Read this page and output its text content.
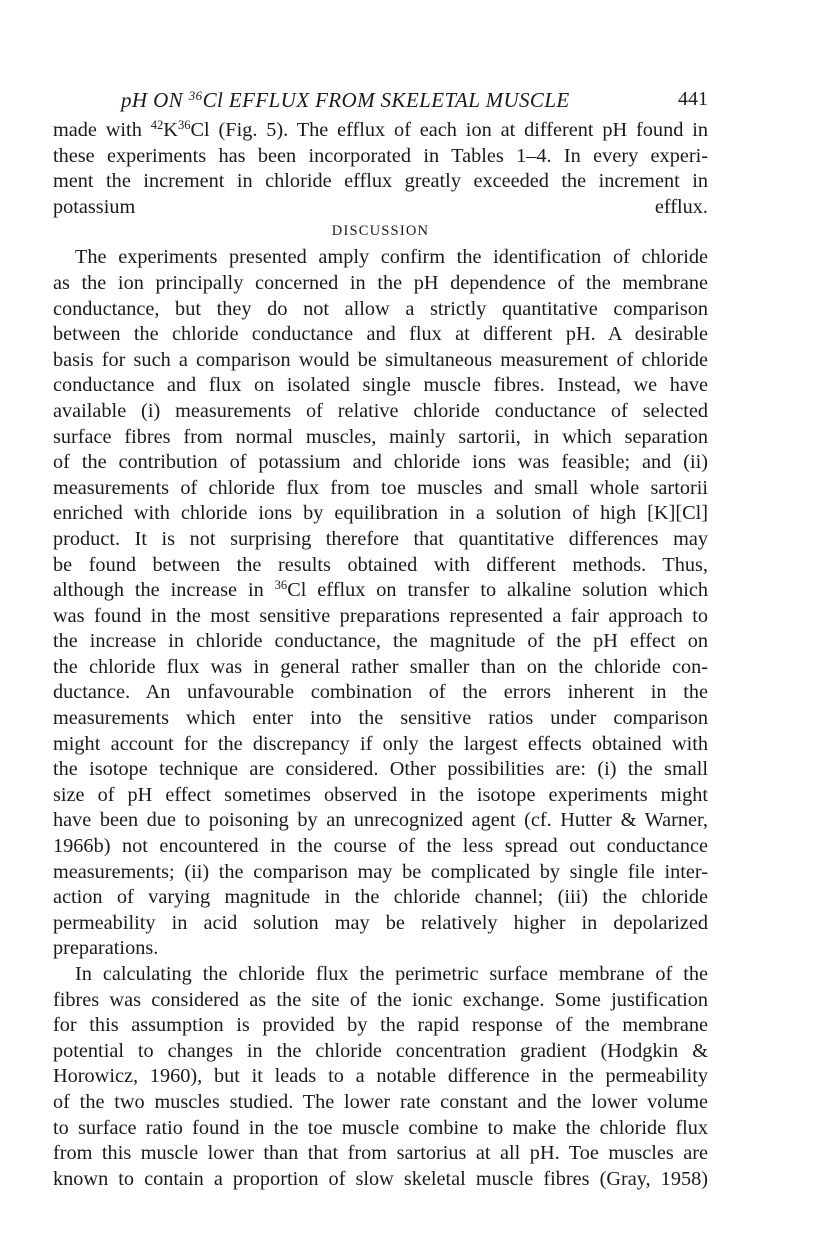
pH ON $^{36}$Cl EFFLUX FROM SKELETAL MUSCLE	441
made with $^{42}K^{36}Cl$ (Fig. 5). The efflux of each ion at different pH found in
these experiments has been incorporated in Tables 1–4. In every experi-
ment the increment in chloride efflux greatly exceeded the increment in
potassium efflux.
DISCUSSION
The experiments presented amply confirm the identification of chloride
as the ion principally concerned in the pH dependence of the membrane
conductance, but they do not allow a strictly quantitative comparison
between the chloride conductance and flux at different pH. A desirable
basis for such a comparison would be simultaneous measurement of chloride
conductance and flux on isolated single muscle fibres. Instead, we have
available (i) measurements of relative chloride conductance of selected
surface fibres from normal muscles, mainly sartorii, in which separation
of the contribution of potassium and chloride ions was feasible; and (ii)
measurements of chloride flux from toe muscles and small whole sartorii
enriched with chloride ions by equilibration in a solution of high [K][Cl]
product. It is not surprising therefore that quantitative differences may
be found between the results obtained with different methods. Thus,
although the increase in $^{36}$Cl efflux on transfer to alkaline solution which
was found in the most sensitive preparations represented a fair approach to
the increase in chloride conductance, the magnitude of the pH effect on
the chloride flux was in general rather smaller than on the chloride con-
ductance. An unfavourable combination of the errors inherent in the
measurements which enter into the sensitive ratios under comparison
might account for the discrepancy if only the largest effects obtained with
the isotope technique are considered. Other possibilities are: (i) the small
size of pH effect sometimes observed in the isotope experiments might
have been due to poisoning by an unrecognized agent (cf. Hutter & Warner,
1966b) not encountered in the course of the less spread out conductance
measurements; (ii) the comparison may be complicated by single file inter-
action of varying magnitude in the chloride channel; (iii) the chloride
permeability in acid solution may be relatively higher in depolarized
preparations.
In calculating the chloride flux the perimetric surface membrane of the
fibres was considered as the site of the ionic exchange. Some justification
for this assumption is provided by the rapid response of the membrane
potential to changes in the chloride concentration gradient (Hodgkin &
Horowicz, 1960), but it leads to a notable difference in the permeability
of the two muscles studied. The lower rate constant and the lower volume
to surface ratio found in the toe muscle combine to make the chloride flux
from this muscle lower than that from sartorius at all pH. Toe muscles are
known to contain a proportion of slow skeletal muscle fibres (Gray, 1958)
